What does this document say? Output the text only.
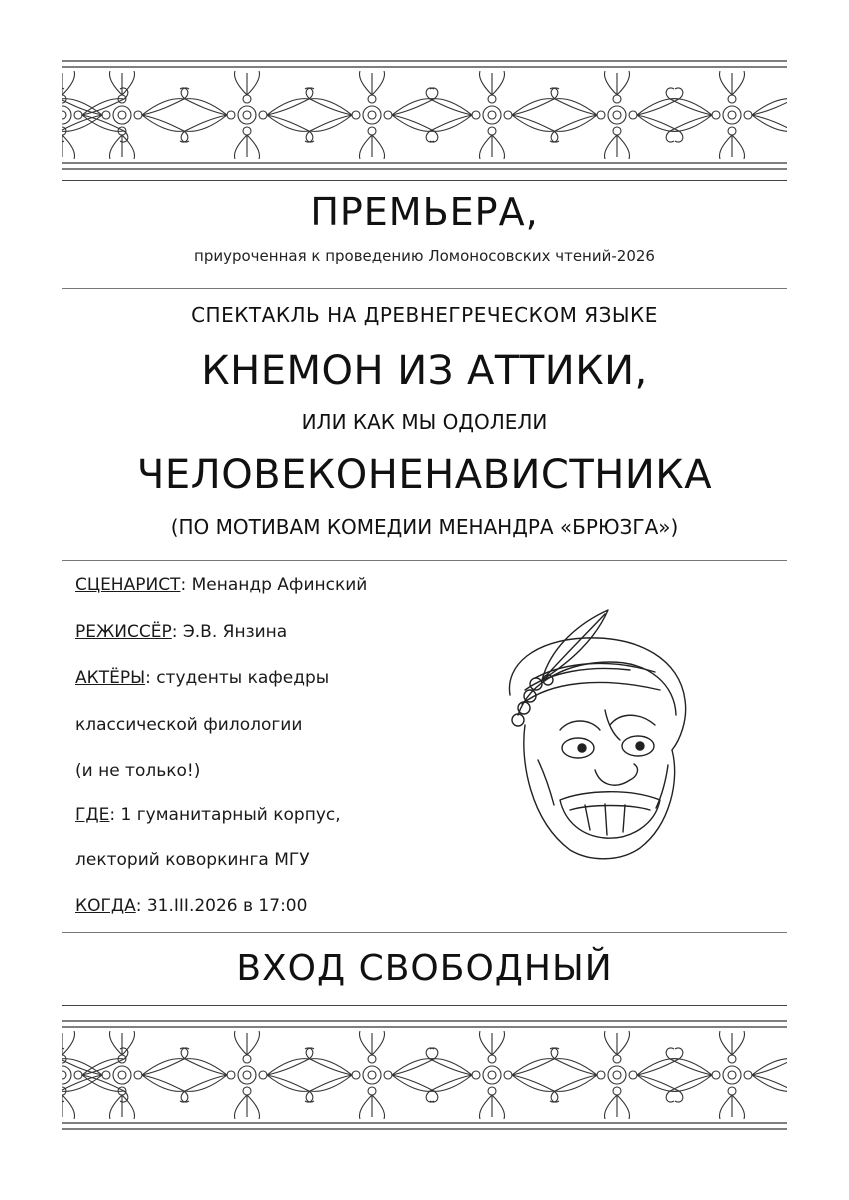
ПРЕМЬЕРА,
приуроченная к проведению Ломоносовских чтений-2026
СПЕКТАКЛЬ НА ДРЕВНЕГРЕЧЕСКОМ ЯЗЫКЕ
КНЕМОН ИЗ АТТИКИ,
ИЛИ КАК МЫ ОДОЛЕЛИ
ЧЕЛОВЕКОНЕНАВИСТНИКА
(ПО МОТИВАМ КОМЕДИИ МЕНАНДРА «БРЮЗГА»)
СЦЕНАРИСТ: Менандр Афинский
РЕЖИССЁР: Э.В. Янзина
АКТЁРЫ: студенты кафедры
классической филологии
(и не только!)
ГДЕ: 1 гуманитарный корпус,
лекторий коворкинга МГУ
КОГДА: 31.III.2026 в 17:00
ВХОД СВОБОДНЫЙ
